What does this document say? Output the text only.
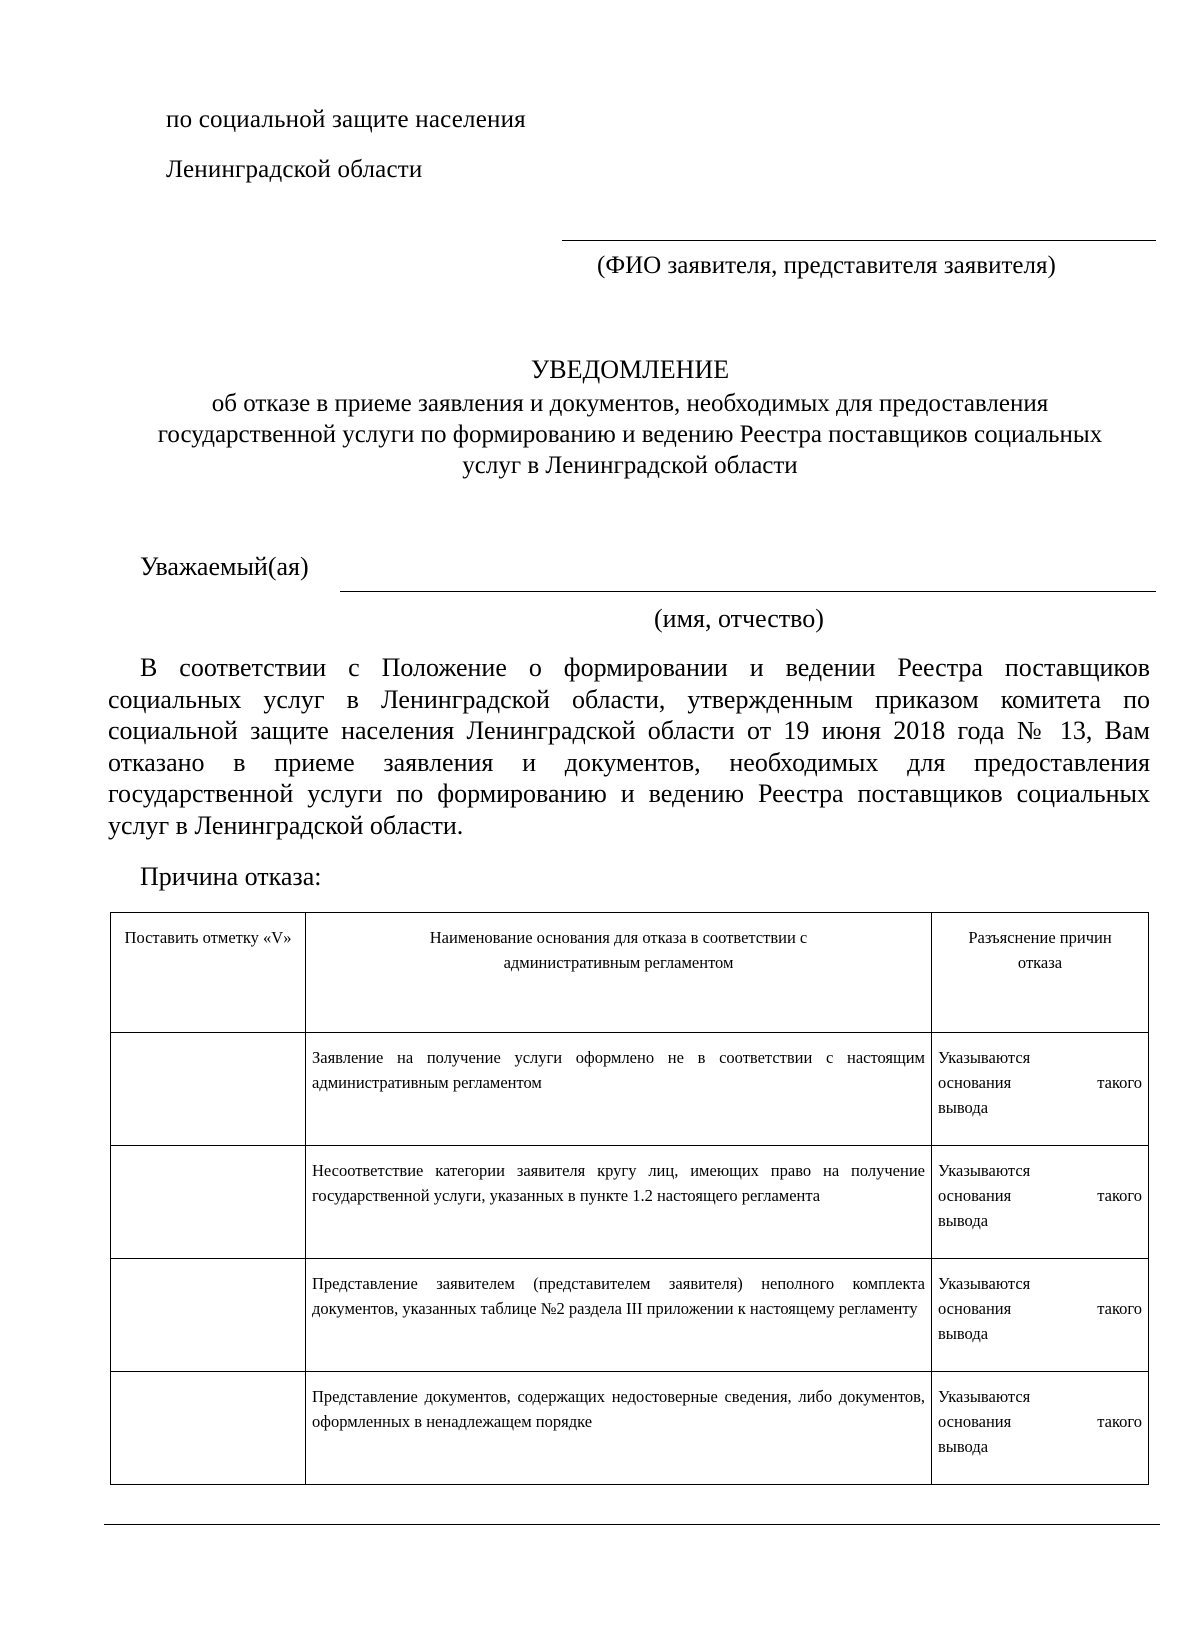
по социальной защите населения
Ленинградской области
(ФИО заявителя, представителя заявителя)
УВЕДОМЛЕНИЕ
об отказе в приеме заявления и документов, необходимых для предоставления государственной услуги по формированию и ведению Реестра поставщиков социальных услуг в Ленинградской области
Уважаемый(ая)
(имя, отчество)
В соответствии с Положение о формировании и ведении Реестра поставщиков социальных услуг в Ленинградской области, утвержденным приказом комитета по социальной защите населения Ленинградской области от 19 июня 2018 года № 13, Вам отказано в приеме заявления и документов, необходимых для предоставления государственной услуги по формированию и ведению Реестра поставщиков социальных услуг в Ленинградской области.
Причина отказа:
Поставить отметку «V»	Наименование основания для отказа в соответствии с административным регламентом	Разъяснение причин отказа
	Заявление на получение услуги оформлено не в соответствии с настоящим административным регламентом	Указываются
основания такого
вывода

	Несоответствие категории заявителя кругу лиц, имеющих право на получение государственной услуги, указанных в пункте 1.2 настоящего регламента	Указываются
основания такого
вывода

	Представление заявителем (представителем заявителя) неполного комплекта документов, указанных таблице №2 раздела III приложении к настоящему регламенту	Указываются
основания такого
вывода

	Представление документов, содержащих недостоверные сведения, либо документов, оформленных в ненадлежащем порядке	Указываются
основания такого
вывода
